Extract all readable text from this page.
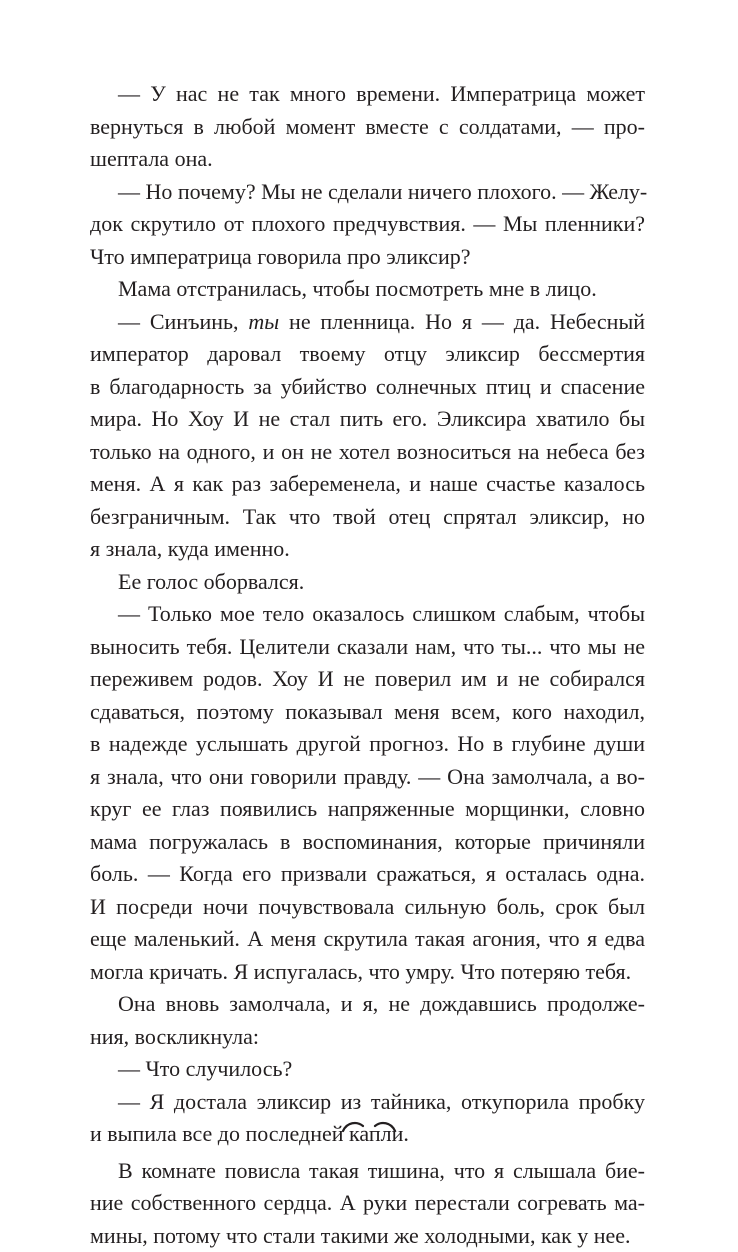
— У нас не так много времени. Императрица может
вернуться в любой момент вместе с солдатами, — про-
шептала она.
— Но почему? Мы не сделали ничего плохого. — Желу-
док скрутило от плохого предчувствия. — Мы пленники?
Что императрица говорила про эликсир?
Мама отстранилась, чтобы посмотреть мне в лицо.
— Синъинь, ты не пленница. Но я — да. Небесный
император даровал твоему отцу эликсир бессмертия
в благодарность за убийство солнечных птиц и спасение
мира. Но Хоу И не стал пить его. Эликсира хватило бы
только на одного, и он не хотел возноситься на небеса без
меня. А я как раз забеременела, и наше счастье казалось
безграничным. Так что твой отец спрятал эликсир, но
я знала, куда именно.
Ее голос оборвался.
— Только мое тело оказалось слишком слабым, чтобы
выносить тебя. Целители сказали нам, что ты... что мы не
переживем родов. Хоу И не поверил им и не собирался
сдаваться, поэтому показывал меня всем, кого находил,
в надежде услышать другой прогноз. Но в глубине души
я знала, что они говорили правду. — Она замолчала, а во-
круг ее глаз появились напряженные морщинки, словно
мама погружалась в воспоминания, которые причиняли
боль. — Когда его призвали сражаться, я осталась одна.
И посреди ночи почувствовала сильную боль, срок был
еще маленький. А меня скрутила такая агония, что я едва
могла кричать. Я испугалась, что умру. Что потеряю тебя.
Она вновь замолчала, и я, не дождавшись продолже-
ния, воскликнула:
— Что случилось?
— Я достала эликсир из тайника, откупорила пробку
и выпила все до последней капли.
В комнате повисла такая тишина, что я слышала бие-
ние собственного сердца. А руки перестали согревать ма-
мины, потому что стали такими же холодными, как у нее.
